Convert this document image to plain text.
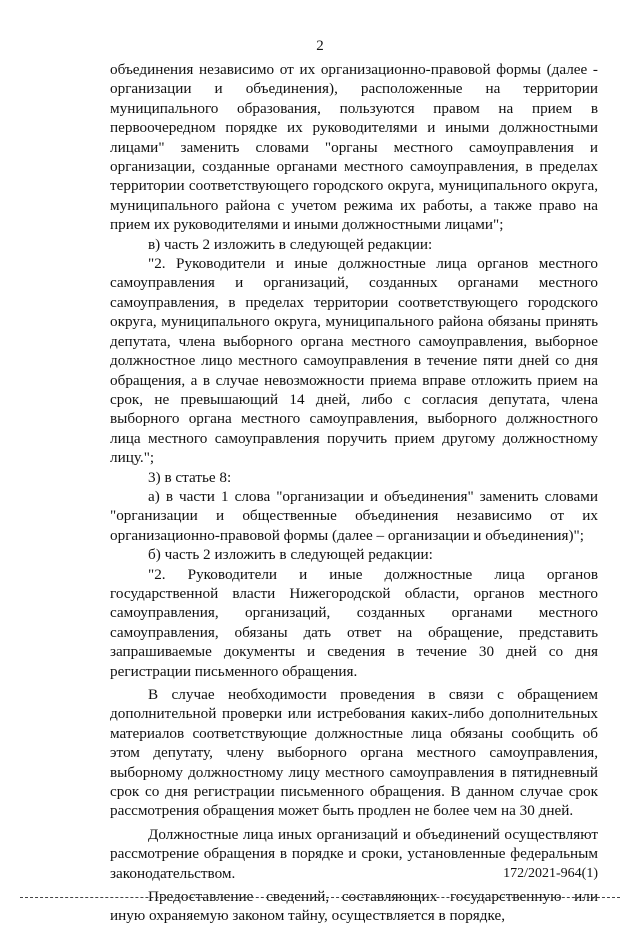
2

объединения независимо от их организационно-правовой формы (далее - организации и объединения), расположенные на территории муниципального образования, пользуются правом на прием в первоочередном порядке их руководителями и иными должностными лицами" заменить словами "органы местного самоуправления и организации, созданные органами местного самоуправления, в пределах территории соответствующего городского округа, муниципального округа, муниципального района с учетом режима их работы, а также право на прием их руководителями и иными должностными лицами";

в) часть 2 изложить в следующей редакции:

"2. Руководители и иные должностные лица органов местного самоуправления и организаций, созданных органами местного самоуправления, в пределах территории соответствующего городского округа, муниципального округа, муниципального района обязаны принять депутата, члена выборного органа местного самоуправления, выборное должностное лицо местного самоуправления в течение пяти дней со дня обращения, а в случае невозможности приема вправе отложить прием на срок, не превышающий 14 дней, либо с согласия депутата, члена выборного органа местного самоуправления, выборного должностного лица местного самоуправления поручить прием другому должностному лицу.";

3) в статье 8:

а) в части 1 слова "организации и объединения" заменить словами "организации и общественные объединения независимо от их организационно-правовой формы (далее – организации и объединения)";

б) часть 2 изложить в следующей редакции:

"2. Руководители и иные должностные лица органов государственной власти Нижегородской области, органов местного самоуправления, организаций, созданных органами местного самоуправления, обязаны дать ответ на обращение, представить запрашиваемые документы и сведения в течение 30 дней со дня регистрации письменного обращения.

В случае необходимости проведения в связи с обращением дополнительной проверки или истребования каких-либо дополнительных материалов соответствующие должностные лица обязаны сообщить об этом депутату, члену выборного органа местного самоуправления, выборному должностному лицу местного самоуправления в пятидневный срок со дня регистрации письменного обращения. В данном случае срок рассмотрения обращения может быть продлен не более чем на 30 дней.

Должностные лица иных организаций и объединений осуществляют рассмотрение обращения в порядке и сроки, установленные федеральным законодательством.

Предоставление сведений, составляющих государственную или иную охраняемую законом тайну, осуществляется в порядке,

172/2021-964(1)
